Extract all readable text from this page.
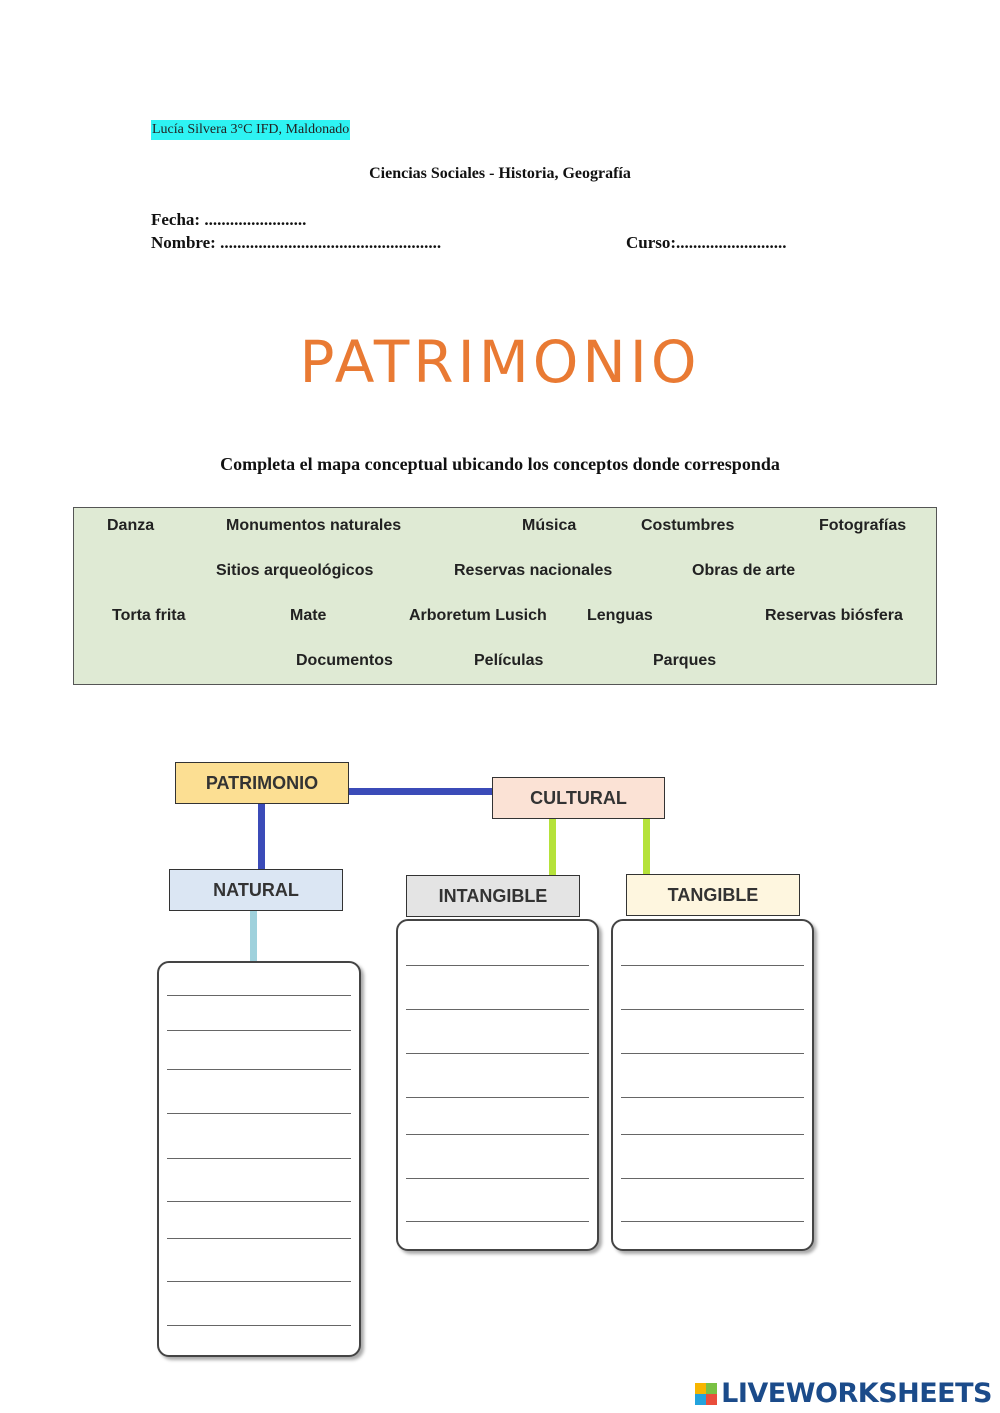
Lucía Silvera 3°C IFD, Maldonado
Ciencias Sociales - Historia, Geografía
Fecha: ........................
Nombre: ....................................................	Curso:..........................
PATRIMONIO
Completa el mapa conceptual ubicando los conceptos donde corresponda
Danza	Monumentos naturales	Música	Costumbres	Fotografías
Sitios arqueológicos	Reservas nacionales	Obras de arte
Torta frita	Mate	Arboretum Lusich	Lenguas	Reservas biósfera
Documentos	Películas	Parques
PATRIMONIO
CULTURAL
NATURAL	INTANGIBLE	TANGIBLE
LIVEWORKSHEETS
